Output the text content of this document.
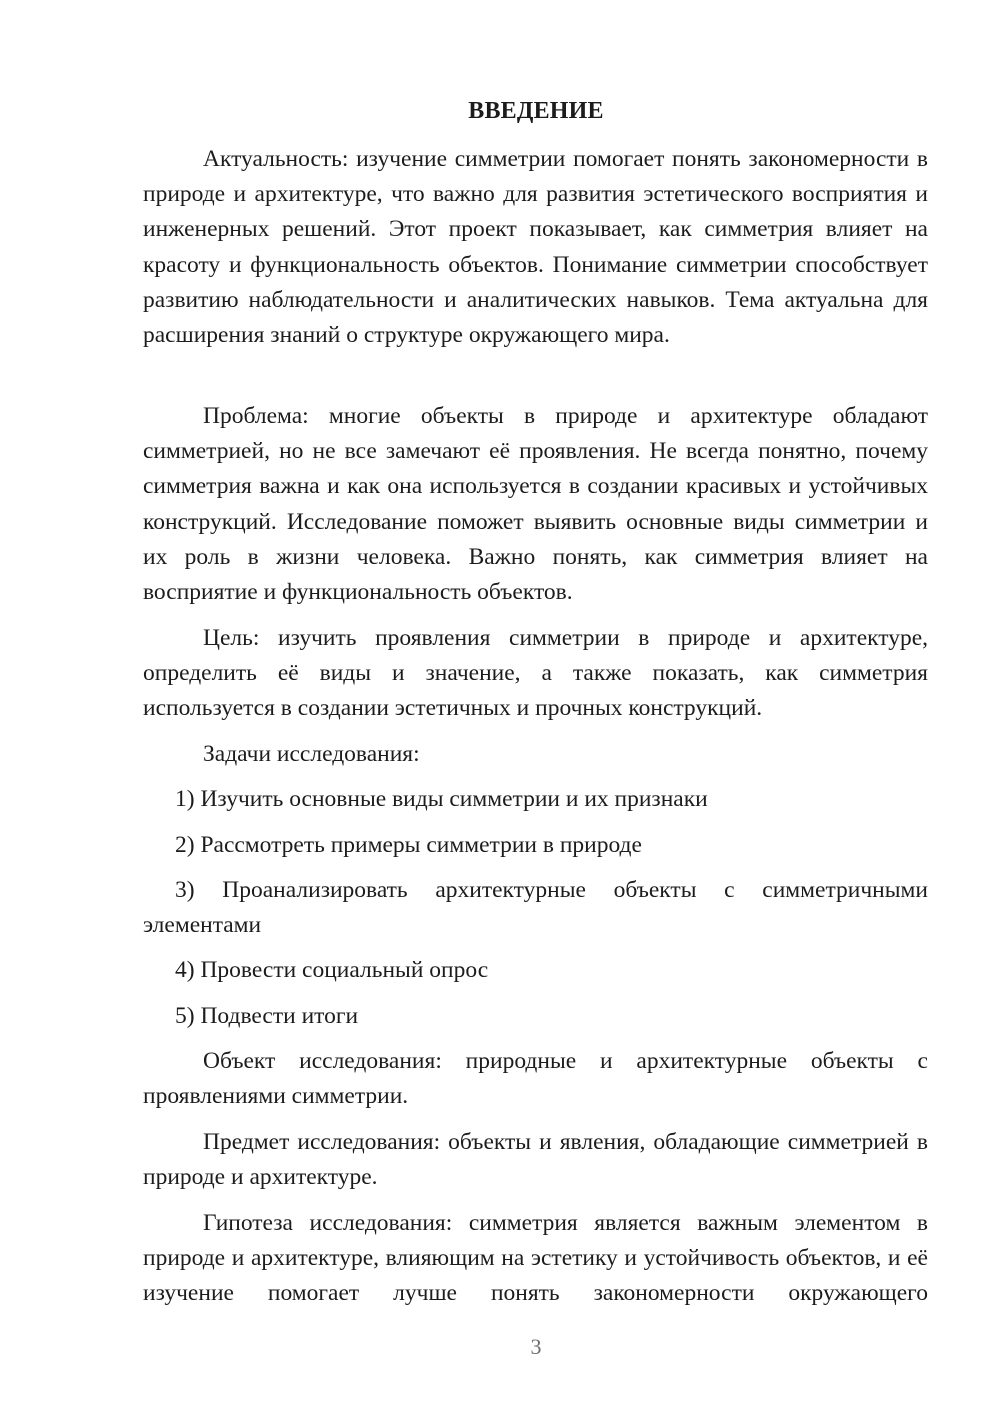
ВВЕДЕНИЕ

Актуальность: изучение симметрии помогает понять закономерности в природе и архитектуре, что важно для развития эстетического восприятия и инженерных решений. Этот проект показывает, как симметрия влияет на красоту и функциональность объектов. Понимание симметрии способствует развитию наблюдательности и аналитических навыков. Тема актуальна для расширения знаний о структуре окружающего мира.

Проблема: многие объекты в природе и архитектуре обладают симметрией, но не все замечают её проявления. Не всегда понятно, почему симметрия важна и как она используется в создании красивых и устойчивых конструкций. Исследование поможет выявить основные виды симметрии и их роль в жизни человека. Важно понять, как симметрия влияет на восприятие и функциональность объектов.

Цель: изучить проявления симметрии в природе и архитектуре, определить её виды и значение, а также показать, как симметрия используется в создании эстетичных и прочных конструкций.

Задачи исследования:

1) Изучить основные виды симметрии и их признаки

2) Рассмотреть примеры симметрии в природе

3) Проанализировать архитектурные объекты с симметричными элементами

4) Провести социальный опрос

5) Подвести итоги

Объект исследования: природные и архитектурные объекты с проявлениями симметрии.

Предмет исследования: объекты и явления, обладающие симметрией в природе и архитектуре.

Гипотеза исследования: симметрия является важным элементом в природе и архитектуре, влияющим на эстетику и устойчивость объектов, и её изучение помогает лучше понять закономерности окружающего

3
